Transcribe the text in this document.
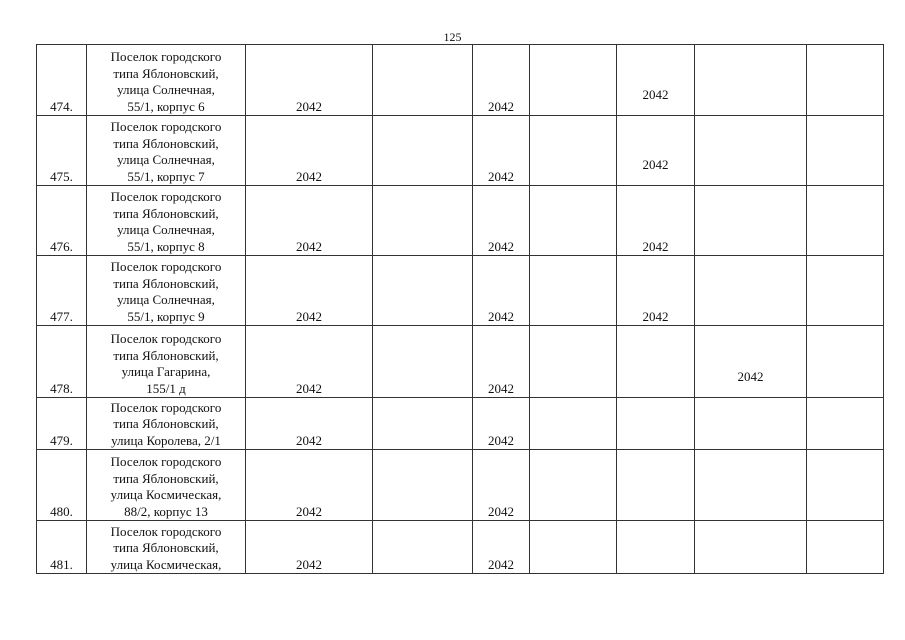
125
474.	Поселок городского
типа Яблоновский,
улица Солнечная,
55/1, корпус 6	2042		2042		2042		
475.	Поселок городского
типа Яблоновский,
улица Солнечная,
55/1, корпус 7	2042		2042		2042		
476.	Поселок городского
типа Яблоновский,
улица Солнечная,
55/1, корпус 8	2042		2042		2042		
477.	Поселок городского
типа Яблоновский,
улица Солнечная,
55/1, корпус 9	2042		2042		2042		
478.	Поселок городского
типа Яблоновский,
улица Гагарина,
155/1 д	2042		2042			2042	
479.	Поселок городского
типа Яблоновский,
улица Королева, 2/1	2042		2042				
480.	Поселок городского
типа Яблоновский,
улица Космическая,
88/2, корпус 13	2042		2042				
481.	Поселок городского
типа Яблоновский,
улица Космическая,	2042		2042				
